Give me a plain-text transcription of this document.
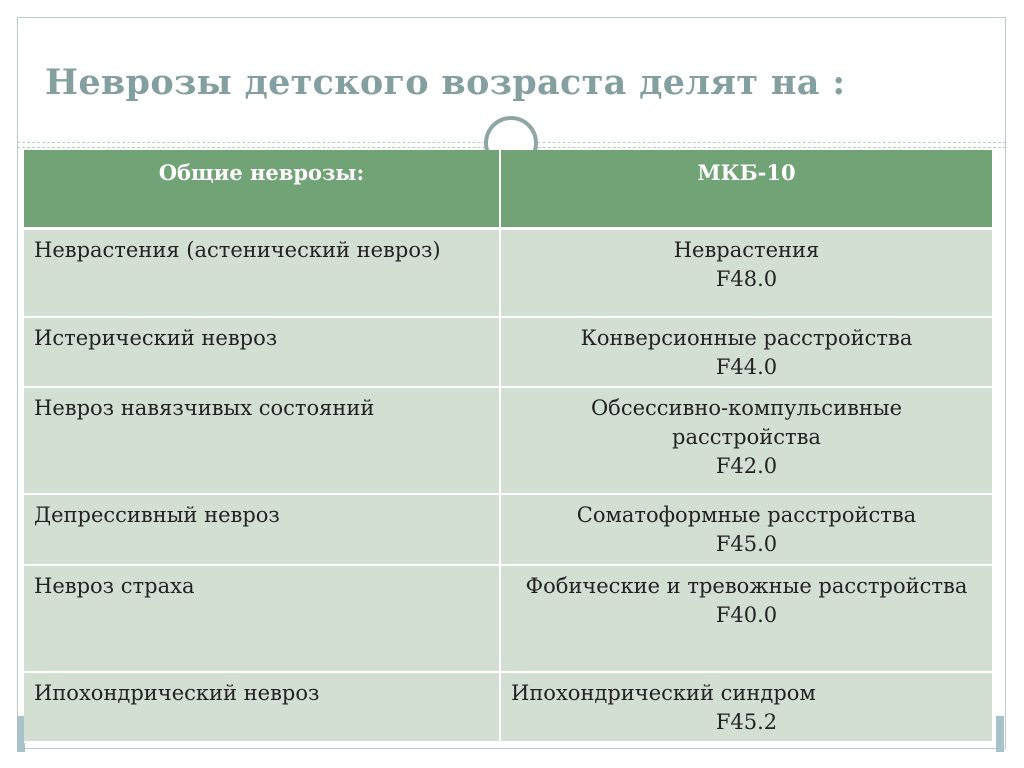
Неврозы детского возраста делят на :
Общие неврозы:	МКБ-10
Неврастения (астенический невроз)	Неврастения
F48.0

Истерический невроз	Конверсионные расстройства
F44.0

Невроз навязчивых состояний	Обсессивно-компульсивные расстройства
F42.0

Депрессивный невроз	Соматоформные расстройства
F45.0

Невроз страха	Фобические и тревожные расстройства
F40.0

Ипохондрический невроз	Ипохондрический синдром
F45.2
